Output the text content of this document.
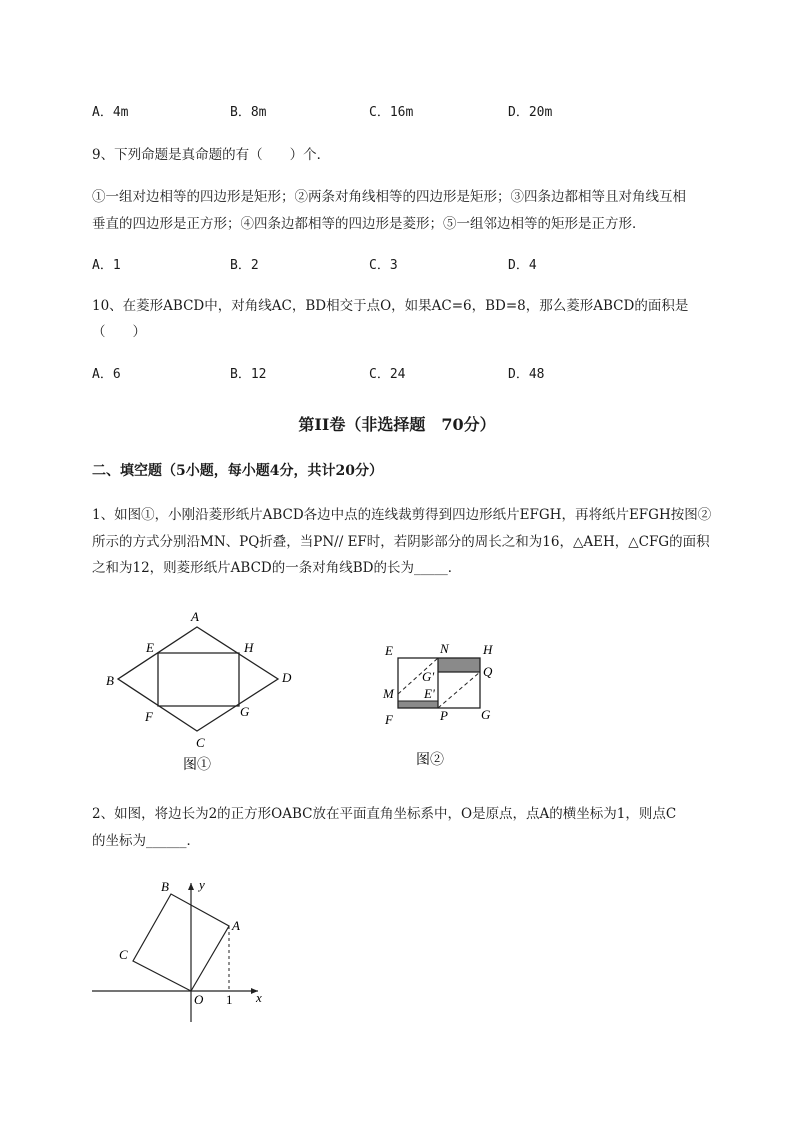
A．4m	B．8m	C．16m	D．20m
9、下列命题是真命题的有（　　）个．
①一组对边相等的四边形是矩形；②两条对角线相等的四边形是矩形；③四条边都相等且对角线互相
垂直的四边形是正方形；④四条边都相等的四边形是菱形；⑤一组邻边相等的矩形是正方形．
A．1	B．2	C．3	D．4
10、在菱形ABCD中，对角线AC，BD相交于点O，如果AC=6，BD=8，那么菱形ABCD的面积是
（　　）
A．6	B．12	C．24	D．48
第II卷（非选择题　70分）
二、填空题（5小题，每小题4分，共计20分）
1、如图①，小刚沿菱形纸片ABCD各边中点的连线裁剪得到四边形纸片EFGH，再将纸片EFGH按图②
所示的方式分别沿MN、PQ折叠，当PN// EF时，若阴影部分的周长之和为16，△AEH，△CFG的面积
之和为12，则菱形纸片ABCD的一条对角线BD的长为_____．
A
B
C
D
E
F	G
H
图①
E	N	H
Q
G'
M E'
F	P	G
图②
2、如图，将边长为2的正方形OABC放在平面直角坐标系中，O是原点，点A的横坐标为1，则点C
的坐标为______．
B y
A
C
O 1 x
